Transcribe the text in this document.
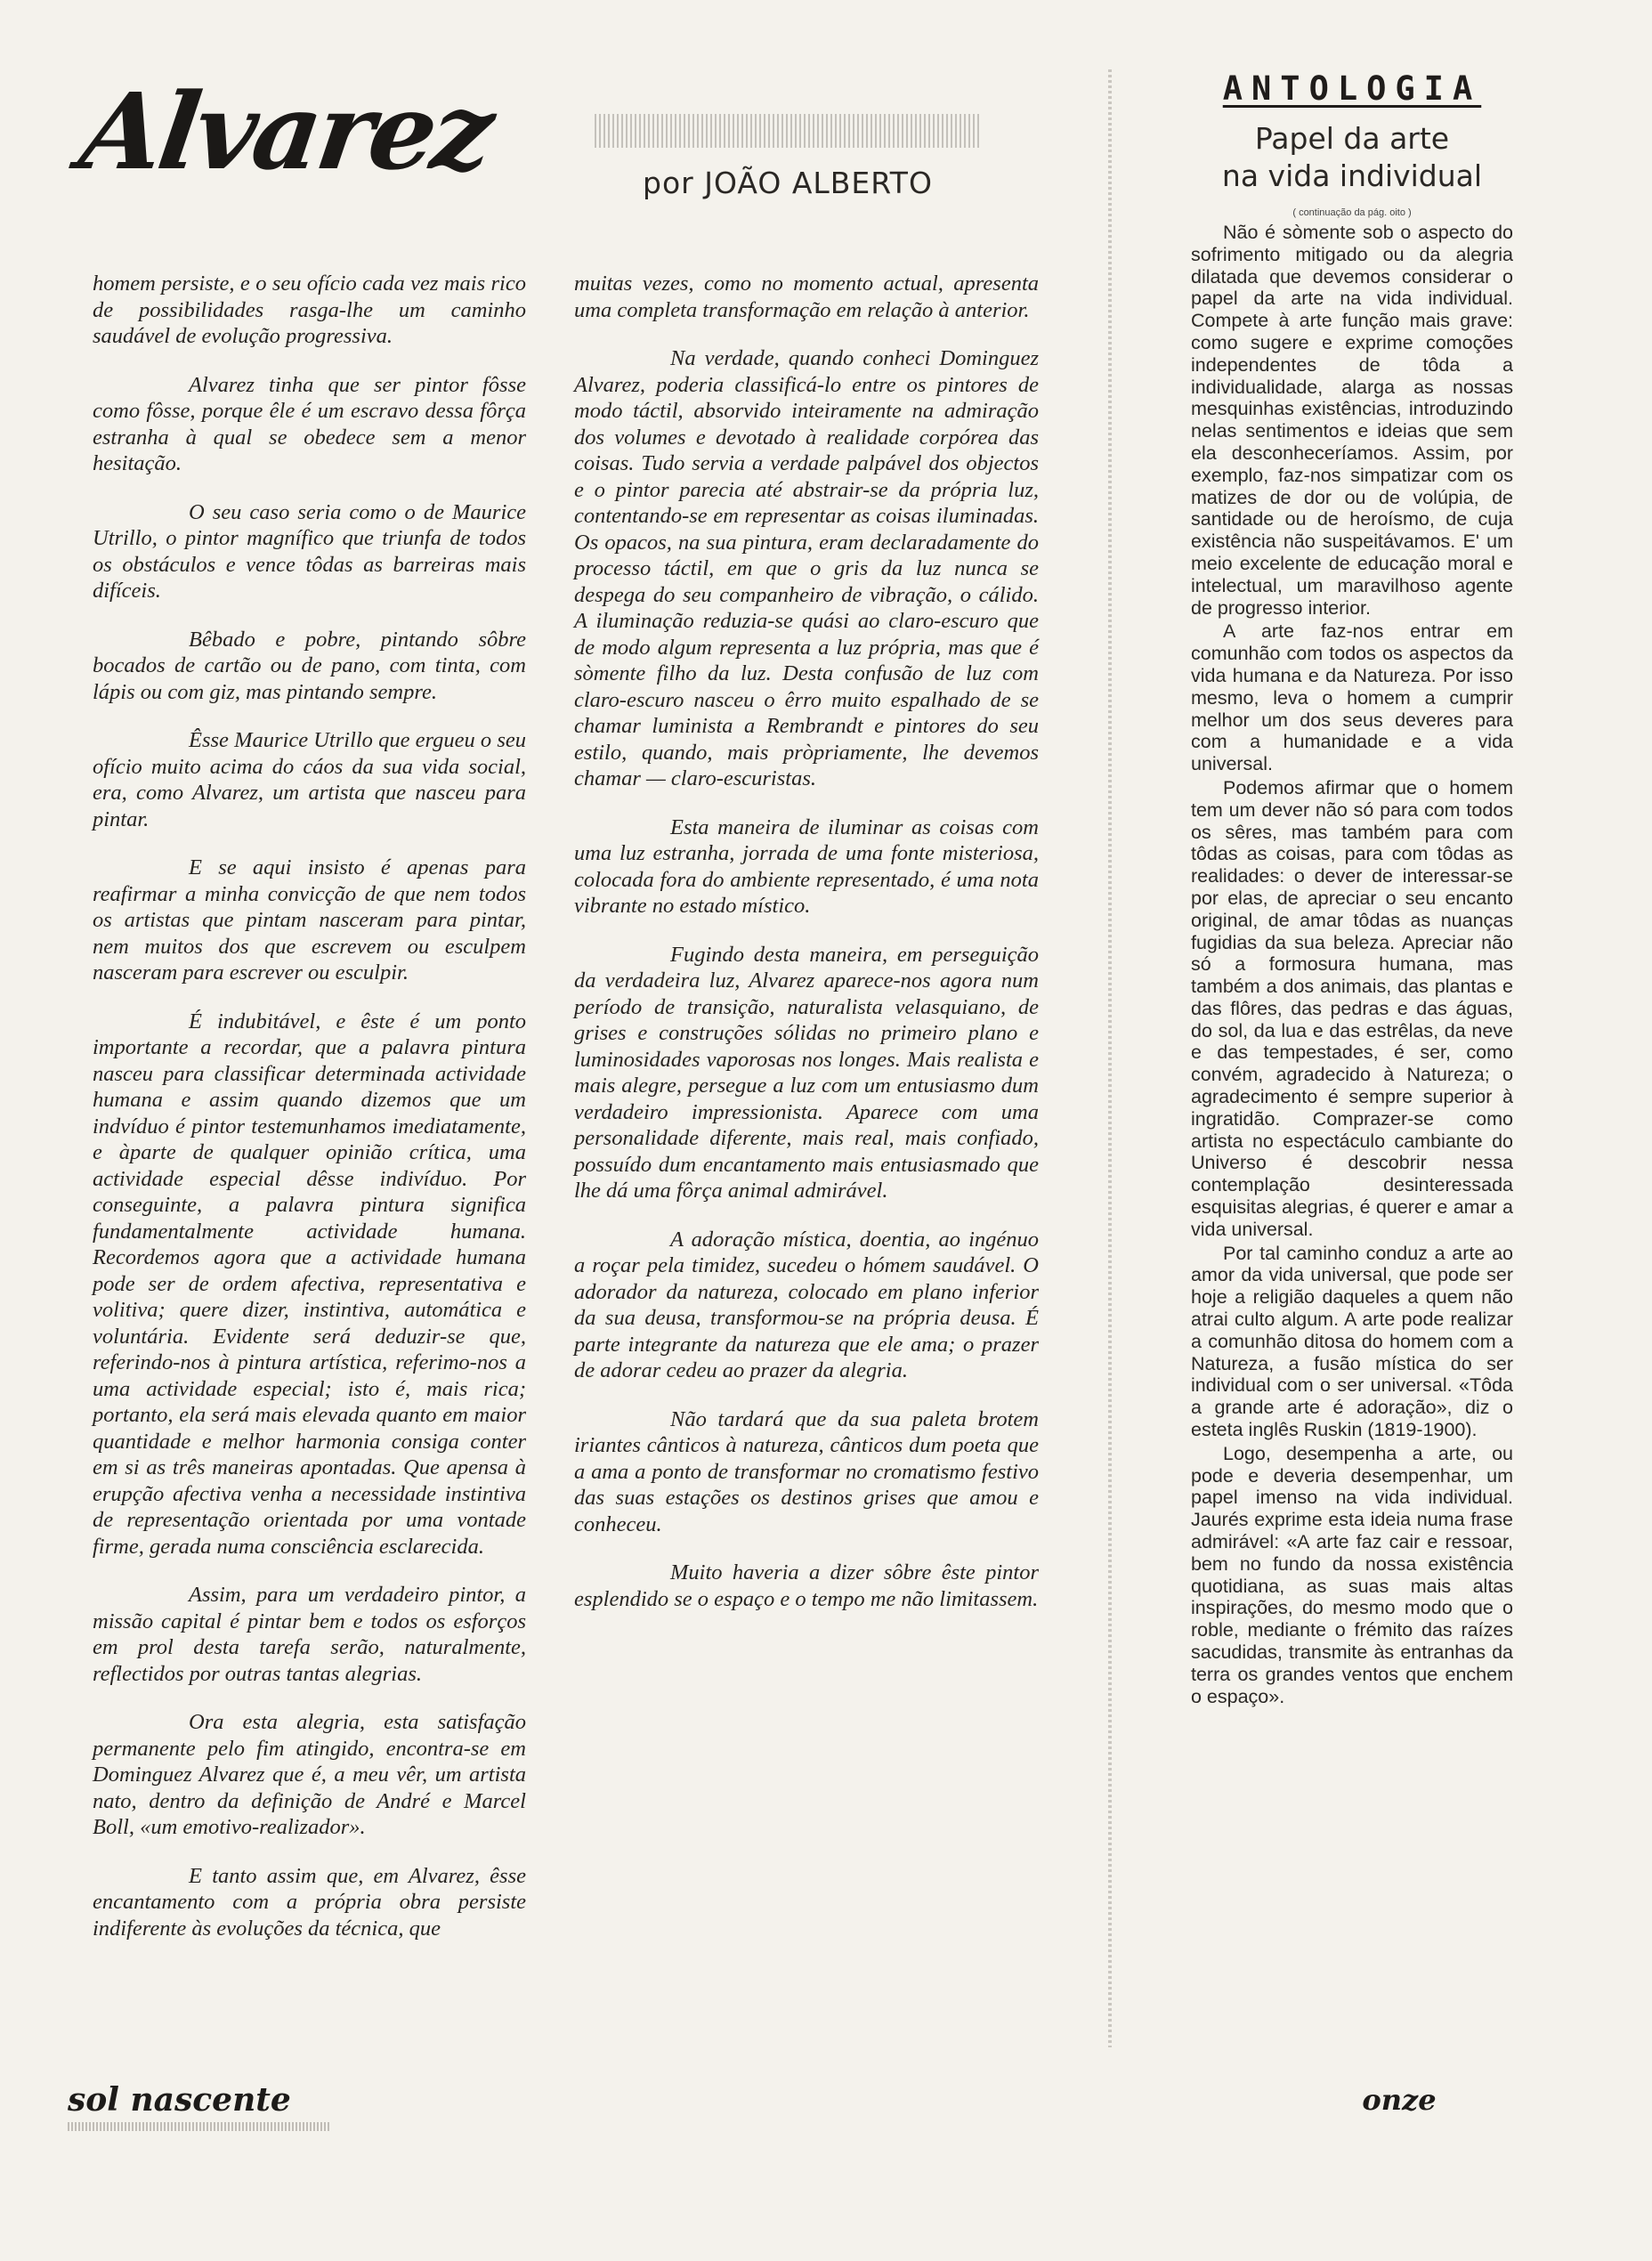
Alvarez	por JOÃO ALBERTO

homem persiste, e o seu ofício cada vez mais rico de possibilidades rasga-lhe um caminho saudável de evolução progressiva.

Alvarez tinha que ser pintor fôsse como fôsse, porque êle é um escravo dessa fôrça estranha à qual se obedece sem a menor hesitação.

O seu caso seria como o de Maurice Utrillo, o pintor magnífico que triunfa de todos os obstáculos e vence tôdas as barreiras mais difíceis.

Bêbado e pobre, pintando sôbre bocados de cartão ou de pano, com tinta, com lápis ou com giz, mas pintando sempre.

Êsse Maurice Utrillo que ergueu o seu ofício muito acima do cáos da sua vida social, era, como Alvarez, um artista que nasceu para pintar.

E se aqui insisto é apenas para reafirmar a minha convicção de que nem todos os artistas que pintam nasceram para pintar, nem muitos dos que escrevem ou esculpem nasceram para escrever ou esculpir.

É indubitável, e êste é um ponto importante a recordar, que a palavra pintura nasceu para classificar determinada actividade humana e assim quando dizemos que um indvíduo é pintor testemunhamos imediatamente, e àparte de qualquer opinião crítica, uma actividade especial dêsse indivíduo. Por conseguinte, a palavra pintura significa fundamentalmente actividade humana. Recordemos agora que a actividade humana pode ser de ordem afectiva, representativa e volitiva; quere dizer, instintiva, automática e voluntária. Evidente será deduzir-se que, referindo-nos à pintura artística, referimo-nos a uma actividade especial; isto é, mais rica; portanto, ela será mais elevada quanto em maior quantidade e melhor harmonia consiga conter em si as três maneiras apontadas. Que apensa à erupção afectiva venha a necessidade instintiva de representação orientada por uma vontade firme, gerada numa consciência esclarecida.

Assim, para um verdadeiro pintor, a missão capital é pintar bem e todos os esforços em prol desta tarefa serão, naturalmente, reflectidos por outras tantas alegrias.

Ora esta alegria, esta satisfação permanente pelo fim atingido, encontra-se em Dominguez Alvarez que é, a meu vêr, um artista nato, dentro da definição de André e Marcel Boll, «um emotivo-realizador».

E tanto assim que, em Alvarez, êsse encantamento com a própria obra persiste indiferente às evoluções da técnica, que

muitas vezes, como no momento actual, apresenta uma completa transformação em relação à anterior.

Na verdade, quando conheci Dominguez Alvarez, poderia classificá-lo entre os pintores de modo táctil, absorvido inteiramente na admiração dos volumes e devotado à realidade corpórea das coisas. Tudo servia a verdade palpável dos objectos e o pintor parecia até abstrair-se da própria luz, contentando-se em representar as coisas iluminadas. Os opacos, na sua pintura, eram declaradamente do processo táctil, em que o gris da luz nunca se despega do seu companheiro de vibração, o cálido. A iluminação reduzia-se quási ao claro-escuro que de modo algum representa a luz própria, mas que é sòmente filho da luz. Desta confusão de luz com claro-escuro nasceu o êrro muito espalhado de se chamar luminista a Rembrandt e pintores do seu estilo, quando, mais pròpriamente, lhe devemos chamar — claro-escuristas.

Esta maneira de iluminar as coisas com uma luz estranha, jorrada de uma fonte misteriosa, colocada fora do ambiente representado, é uma nota vibrante no estado místico.

Fugindo desta maneira, em perseguição da verdadeira luz, Alvarez aparece-nos agora num período de transição, naturalista velasquiano, de grises e construções sólidas no primeiro plano e luminosidades vaporosas nos longes. Mais realista e mais alegre, persegue a luz com um entusiasmo dum verdadeiro impressionista. Aparece com uma personalidade diferente, mais real, mais confiado, possuído dum encantamento mais entusiasmado que lhe dá uma fôrça animal admirável.

A adoração mística, doentia, ao ingénuo a roçar pela timidez, sucedeu o hómem saudável. O adorador da natureza, colocado em plano inferior da sua deusa, transformou-se na própria deusa. É parte integrante da natureza que ele ama; o prazer de adorar cedeu ao prazer da alegria.

Não tardará que da sua paleta brotem iriantes cânticos à natureza, cânticos dum poeta que a ama a ponto de transformar no cromatismo festivo das suas estações os destinos grises que amou e conheceu.

Muito haveria a dizer sôbre êste pintor esplendido se o espaço e o tempo me não limitassem.

ANTOLOGIA
Papel da arte
na vida individual
( continuação da pág. oito )

Não é sòmente sob o aspecto do sofrimento mitigado ou da alegria dilatada que devemos considerar o papel da arte na vida individual. Compete à arte função mais grave: como sugere e exprime comoções independentes de tôda a individualidade, alarga as nossas mesquinhas existências, introduzindo nelas sentimentos e ideias que sem ela desconheceríamos. Assim, por exemplo, faz-nos simpatizar com os matizes de dor ou de volúpia, de santidade ou de heroísmo, de cuja existência não suspeitávamos. E' um meio excelente de educação moral e intelectual, um maravilhoso agente de progresso interior.

A arte faz-nos entrar em comunhão com todos os aspectos da vida humana e da Natureza. Por isso mesmo, leva o homem a cumprir melhor um dos seus deveres para com a humanidade e a vida universal.

Podemos afirmar que o homem tem um dever não só para com todos os sêres, mas também para com tôdas as coisas, para com tôdas as realidades: o dever de interessar-se por elas, de apreciar o seu encanto original, de amar tôdas as nuanças fugidias da sua beleza. Apreciar não só a formosura humana, mas também a dos animais, das plantas e das flôres, das pedras e das águas, do sol, da lua e das estrêlas, da neve e das tempestades, é ser, como convém, agradecido à Natureza; o agradecimento é sempre superior à ingratidão. Comprazer-se como artista no espectáculo cambiante do Universo é descobrir nessa contemplação desinteressada esquisitas alegrias, é querer e amar a vida universal.

Por tal caminho conduz a arte ao amor da vida universal, que pode ser hoje a religião daqueles a quem não atrai culto algum. A arte pode realizar a comunhão ditosa do homem com a Natureza, a fusão mística do ser individual com o ser universal. «Tôda a grande arte é adoração», diz o esteta inglês Ruskin (1819-1900).

Logo, desempenha a arte, ou pode e deveria desempenhar, um papel imenso na vida individual. Jaurés exprime esta ideia numa frase admirável: «A arte faz cair e ressoar, bem no fundo da nossa existência quotidiana, as suas mais altas inspirações, do mesmo modo que o roble, mediante o frémito das raízes sacudidas, transmite às entranhas da terra os grandes ventos que enchem o espaço».

sol nascente	onze
